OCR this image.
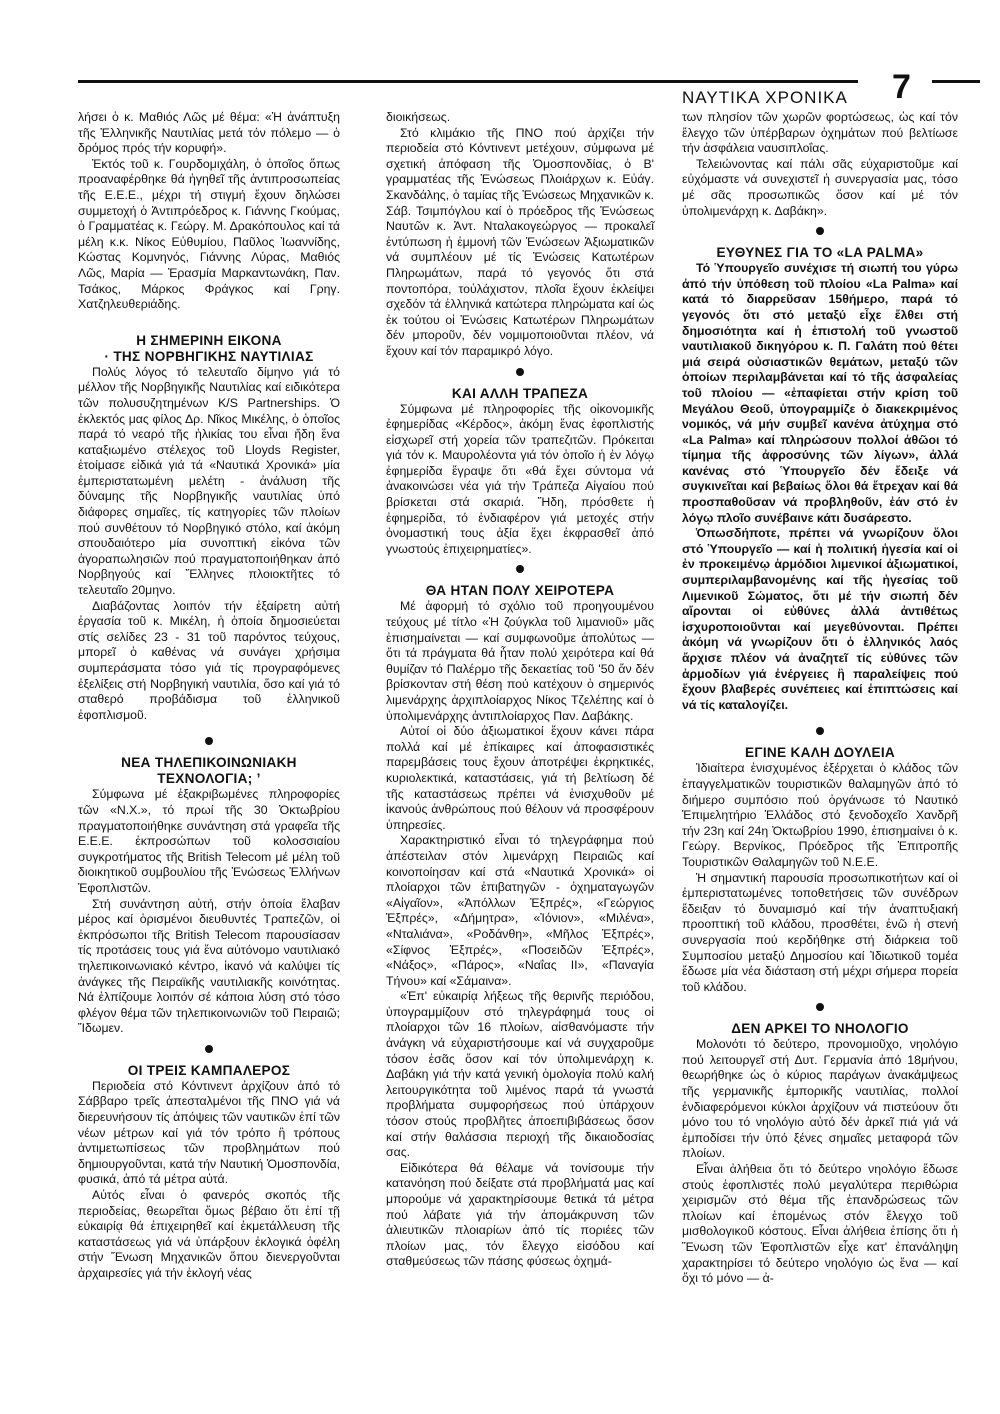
ΝΑΥΤΙΚΑ ΧΡΟΝΙΚΑ 7

λήσει ὁ κ. Μαθιός Λῶς μέ θέμα: «Ἡ ἀνάπτυξη τῆς Ἑλληνικῆς Ναυτιλίας μετά τόν πόλεμο — ὁ δρόμος πρός τήν κορυφή».

Ἐκτός τοῦ κ. Γουρδομιχάλη, ὁ ὁποῖος ὅπως προαναφέρθηκε θά ἡγηθεῖ τῆς ἀντιπροσωπείας τῆς Ε.Ε.Ε., μέχρι τή στιγμή ἔχουν δηλώσει συμμετοχή ὁ Ἀντιπρόεδρος κ. Γιάννης Γκούμας, ὁ Γραμματέας κ. Γεώργ. Μ. Δρακόπουλος καί τά μέλη κ.κ. Νίκος Εὐθυμίου, Παῦλος Ἰωαννίδης, Κώστας Κομνηνός, Γιάννης Λύρας, Μαθιός Λῶς, Μαρία — Ἐρασμία Μαρκαντωνάκη, Παν. Τσάκος, Μάρκος Φράγκος καί Γρηγ. Χατζηλευθεριάδης.

Η ΣΗΜΕΡΙΝΗ ΕΙΚΟΝΑ
· ΤΗΣ ΝΟΡΒΗΓΙΚΗΣ ΝΑΥΤΙΛΙΑΣ

Πολύς λόγος τό τελευταῖο δίμηνο γιά τό μέλλον τῆς Νορβηγικῆς Ναυτιλίας καί ειδικότερα τῶν πολυσυζητημένων K/S Partnerships. Ὁ ἐκλεκτός μας φίλος Δρ. Νῖκος Μικέλης, ὁ ὁποῖος παρά τό νεαρό τῆς ἡλικίας του εἶναι ἤδη ἕνα καταξιωμένο στέλεχος τοῦ Lloyds Register, ἑτοίμασε εἰδικά γιά τά «Ναυτικά Χρονικά» μία ἐμπεριστατωμένη μελέτη - ἀνάλυση τῆς δύναμης τῆς Νορβηγικῆς ναυτιλίας ὑπό διάφορες σημαῖες, τίς κατηγορίες τῶν πλοίων πού συνθέτουν τό Νορβηγικό στόλο, καί ἀκόμη σπουδαιότερο μία συνοπτική εἰκόνα τῶν ἀγοραπωλησιῶν πού πραγματοποιήθηκαν ἀπό Νορβηγούς καί Ἕλληνες πλοιοκτῆτες τό τελευταῖο 20μηνο.

Διαβάζοντας λοιπόν τήν ἐξαίρετη αὐτή ἐργασία τοῦ κ. Μικέλη, ἡ ὁποία δημοσιεύεται στίς σελίδες 23 - 31 τοῦ παρόντος τεύχους, μπορεῖ ὁ καθένας νά συνάγει χρήσιμα συμπεράσματα τόσο γιά τίς προγραφόμενες ἐξελίξεις στή Νορβηγική ναυτιλία, ὅσο καί γιά τό σταθερό προβάδισμα τοῦ ἑλληνικοῦ ἐφοπλισμοῦ.

ΝΕΑ ΤΗΛΕΠΙΚΟΙΝΩΝΙΑΚΗ
ΤΕΧΝΟΛΟΓΙΑ; ’

Σύμφωνα μέ ἐξακριβωμένες πληροφορίες τῶν «Ν.Χ.», τό πρωί τῆς 30 Ὀκτωβρίου πραγματοποιήθηκε συνάντηση στά γραφεῖα τῆς Ε.Ε.Ε. ἐκπροσώπων τοῦ κολοσσιαίου συγκροτήματος τῆς British Telecom μέ μέλη τοῦ διοικητικοῦ συμβουλίου τῆς Ἑνώσεως Ἑλλήνων Ἐφοπλιστῶν.

Στή συνάντηση αὐτή, στήν ὁποία ἔλαβαν μέρος καί ὁρισμένοι διευθυντές Τραπεζῶν, οἱ ἐκπρόσωποι τῆς British Telecom παρουσίασαν τίς προτάσεις τους γιά ἕνα αὐτόνομο ναυτιλιακό τηλεπικοινωνιακό κέντρο, ἱκανό νά καλύψει τίς ἀνάγκες τῆς Πειραϊκῆς ναυτιλιακῆς κοινότητας. Νά ἐλπίζουμε λοιπόν σέ κάποια λύση στό τόσο φλέγον θέμα τῶν τηλεπικοινωνιῶν τοῦ Πειραιῶ; Ἴδωμεν.

ΟΙ ΤΡΕΙΣ ΚΑΜΠΑΛΕΡΟΣ

Περιοδεία στό Κόντινεντ ἀρχίζουν ἀπό τό Σάββαρο τρεῖς ἀπεσταλμένοι τῆς ΠΝΟ γιά νά διερευνήσουν τίς ἀπόψεις τῶν ναυτικῶν ἐπί τῶν νέων μέτρων καί γιά τόν τρόπο ἢ τρόπους ἀντιμετωπίσεως τῶν προβλημάτων πού δημιουργοῦνται, κατά τήν Ναυτική Ὁμοσπονδία, φυσικά, ἀπό τά μέτρα αὐτά.

Αὐτός εἶναι ὁ φανερός σκοπός τῆς περιοδείας, θεωρεῖται ὅμως βέβαιο ὅτι ἐπί τῇ εὐκαιρίᾳ θά ἐπιχειρηθεῖ καί ἐκμετάλλευση τῆς καταστάσεως γιά νά ὑπάρξουν ἐκλογικά ὀφέλη στήν Ἕνωση Μηχανικῶν ὅπου διενεργοῦνται ἀρχαιρεσίες γιά τήν ἐκλογή νέας

διοικήσεως.

Στό κλιμάκιο τῆς ΠΝΟ πού ἀρχίζει τήν περιοδεία στό Κόντινεντ μετέχουν, σύμφωνα μέ σχετική ἀπόφαση τῆς Ὁμοσπονδίας, ὁ Β' γραμματέας τῆς Ἑνώσεως Πλοιάρχων κ. Εὐάγ. Σκανδάλης, ὁ ταμίας τῆς Ἑνώσεως Μηχανικῶν κ. Σάβ. Τσιμπόγλου καί ὁ πρόεδρος τῆς Ἑνώσεως Ναυτῶν κ. Ἀντ. Νταλακογεώργος — προκαλεῖ ἐντύπωση ἡ ἐμμονή τῶν Ἑνώσεων Ἀξιωματικῶν νά συμπλέουν μέ τίς Ἑνώσεις Κατωτέρων Πληρωμάτων, παρά τό γεγονός ὅτι στά ποντοπόρα, τοὐλάχιστον, πλοῖα ἔχουν ἐκλείψει σχεδόν τά ἑλληνικά κατώτερα πληρώματα καί ὡς ἐκ τούτου οἱ Ἑνώσεις Κατωτέρων Πληρωμάτων δέν μποροῦν, δέν νομιμοποιοῦνται πλέον, νά ἔχουν καί τόν παραμικρό λόγο.

ΚΑΙ ΑΛΛΗ ΤΡΑΠΕΖΑ

Σύμφωνα μέ πληροφορίες τῆς οἰκονομικῆς ἐφημερίδας «Κέρδος», ἀκόμη ἕνας ἐφοπλιστής εἰσχωρεῖ στή χορεία τῶν τραπεζιτῶν. Πρόκειται γιά τόν κ. Μαυρολέοντα γιά τόν ὁποῖο ἡ ἐν λόγῳ ἐφημερίδα ἔγραψε ὅτι «θά ἔχει σύντομα νά ἀνακοινώσει νέα γιά τήν Τράπεζα Αἰγαίου πού βρίσκεται στά σκαριά. Ἤδη, πρόσθετε ἡ ἐφημερίδα, τό ἐνδιαφέρον γιά μετοχές στήν ὀνομαστική τους ἀξία ἔχει ἐκφρασθεῖ ἀπό γνωστούς ἐπιχειρηματίες».

ΘΑ ΗΤΑΝ ΠΟΛΥ ΧΕΙΡΟΤΕΡΑ

Μέ ἀφορμή τό σχόλιο τοῦ προηγουμένου τεύχους μέ τίτλο «Ἡ ζούγκλα τοῦ λιμανιοῦ» μᾶς ἐπισημαίνεται — καί συμφωνοῦμε ἀπολύτως — ὅτι τά πράγματα θά ἦταν πολύ χειρότερα καί θά θυμίζαν τό Παλέρμο τῆς δεκαετίας τοῦ '50 ἄν δέν βρίσκονταν στή θέση πού κατέχουν ὁ σημερινός λιμενάρχης ἀρχιπλοίαρχος Νίκος Τζελέπης καί ὁ ὑπολιμενάρχης ἀντιπλοίαρχος Παν. Δαβάκης.

Αὐτοί οἱ δύο ἀξιωματικοί ἔχουν κάνει πάρα πολλά καί μέ ἐπίκαιρες καί ἀποφασιστικές παρεμβάσεις τους ἔχουν ἀποτρέψει ἐκρηκτικές, κυριολεκτικά, καταστάσεις, γιά τή βελτίωση δέ τῆς καταστάσεως πρέπει νά ἐνισχυθοῦν μέ ἱκανούς ἀνθρώπους πού θέλουν νά προσφέρουν ὑπηρεσίες.

Χαρακτηριστικό εἶναι τό τηλεγράφημα πού ἀπέστειλαν στόν λιμενάρχη Πειραιῶς καί κοινοποίησαν καί στά «Ναυτικά Χρονικά» οἱ πλοίαρχοι τῶν ἐπιβατηγῶν - ὀχηματαγωγῶν «Αἰγαῖον», «Ἀπόλλων Ἐξπρές», «Γεώργιος Ἐξπρές», «Δήμητρα», «Ἰόνιον», «Μιλένα», «Νταλιάνα», «Ροδάνθη», «Μῆλος Ἐξπρές», «Σίφνος Ἐξπρές», «Ποσειδῶν Ἐξπρές», «Νάξος», «Πάρος», «Ναΐας ΙΙ», «Παναγία Τήνου» καί «Σάμαινα».

«Ἐπ' εὐκαιρίᾳ λήξεως τῆς θερινῆς περιόδου, ὑπογραμμίζουν στό τηλεγράφημά τους οἱ πλοίαρχοι τῶν 16 πλοίων, αἰσθανόμαστε τήν ἀνάγκη νά εὐχαριστήσουμε καί νά συγχαροῦμε τόσον ἐσᾶς ὅσον καί τόν ὑπολιμενάρχη κ. Δαβάκη γιά τήν κατά γενική ὁμολογία πολύ καλή λειτουργικότητα τοῦ λιμένος παρά τά γνωστά προβλήματα συμφορήσεως πού ὑπάρχουν τόσον στούς προβλῆτες ἀποεπιβιβάσεως ὅσον καί στήν θαλάσσια περιοχή τῆς δικαιοδοσίας σας.

Εἰδικότερα θά θέλαμε νά τονίσουμε τήν κατανόηση πού δείξατε στά προβλήματά μας καί μπορούμε νά χαρακτηρίσουμε θετικά τά μέτρα πού λάβατε γιά τήν ἀπομάκρυνση τῶν ἀλιευτικῶν πλοιαρίων ἀπό τίς ποριέες τῶν πλοίων μας, τόν ἔλεγχο εἰσόδου καί σταθμεύσεως τῶν πάσης φύσεως ὀχημά-

των πλησίον τῶν χωρῶν φορτώσεως, ὡς καί τόν ἔλεγχο τῶν ὑπέρβαρων ὀχημάτων πού βελτίωσε τήν ἀσφάλεια ναυσιπλοΐας.

Τελειώνοντας καί πάλι σᾶς εὐχαριστοῦμε καί εὐχόμαστε νά συνεχιστεῖ ἡ συνεργασία μας, τόσο μέ σᾶς προσωπικῶς ὅσον καί μέ τόν ὑπολιμενάρχη κ. Δαβάκη».

ΕΥΘΥΝΕΣ ΓΙΑ ΤΟ «LA PALMA»

Τό Ὑπουργεῖο συνέχισε τή σιωπή του γύρω ἀπό τήν ὑπόθεση τοῦ πλοίου «La Palma» καί κατά τό διαρρεῦσαν 15θήμερο, παρά τό γεγονός ὅτι στό μεταξύ εἶχε ἔλθει στή δημοσιότητα καί ἡ ἐπιστολή τοῦ γνωστοῦ ναυτιλιακοῦ δικηγόρου κ. Π. Γαλάτη πού θέτει μιά σειρά οὐσιαστικῶν θεμάτων, μεταξύ τῶν ὁποίων περιλαμβάνεται καί τό τῆς ἀσφαλείας τοῦ πλοίου — «ἐπαφίεται στήν κρίση τοῦ Μεγάλου Θεοῦ, ὑπογραμμίζε ὁ διακεκριμένος νομικός, νά μήν συμβεῖ κανένα ἀτύχημα στό «La Palma» καί πληρώσουν πολλοί ἀθῶοι τό τίμημα τῆς ἀφροσύνης τῶν λίγων», ἀλλά κανένας στό Ὑπουργεῖο δέν ἔδειξε νά συγκινεῖται καί βεβαίως ὅλοι θά ἔτρεχαν καί θά προσπαθοῦσαν νά προβληθοῦν, ἐάν στό ἐν λόγῳ πλοῖο συνέβαινε κάτι δυσάρεστο.

Ὁπωσδήποτε, πρέπει νά γνωρίζουν ὅλοι στό Ὑπουργεῖο — καί ἡ πολιτική ἡγεσία καί οἱ ἐν προκειμένῳ ἁρμόδιοι λιμενικοί ἀξιωματικοί, συμπεριλαμβανομένης καί τῆς ἡγεσίας τοῦ Λιμενικοῦ Σώματος, ὅτι μέ τήν σιωπή δέν αἴρονται οἱ εὐθύνες ἀλλά ἀντιθέτως ἰσχυροποιοῦνται καί μεγεθύνονται. Πρέπει ἀκόμη νά γνωρίζουν ὅτι ὁ ἑλληνικός λαός ἄρχισε πλέον νά ἀναζητεῖ τίς εὐθύνες τῶν ἁρμοδίων γιά ἐνέργειες ἢ παραλείψεις πού ἔχουν βλαβερές συνέπειες καί ἐπιπτώσεις καί νά τίς καταλογίζει.

ΕΓΙΝΕ ΚΑΛΗ ΔΟΥΛΕΙΑ

Ἰδιαίτερα ἐνισχυμένος ἐξέρχεται ὁ κλάδος τῶν ἐπαγγελματικῶν τουριστικῶν θαλαμηγῶν ἀπό τό διήμερο συμπόσιο πού ὀργάνωσε τό Ναυτικό Ἐπιμελητήριο Ἑλλάδος στό ξενοδοχεῖο Χανδρῆ τήν 23η καί 24η Ὀκτωβρίου 1990, ἐπισημαίνει ὁ κ. Γεώργ. Βερνίκος, Πρόεδρος τῆς Ἐπιτροπῆς Τουριστικῶν Θαλαμηγῶν τοῦ Ν.Ε.Ε.

Ἡ σημαντική παρουσία προσωπικοτήτων καί οἱ ἐμπεριστατωμένες τοποθετήσεις τῶν συνέδρων ἔδειξαν τό δυναμισμό καί τήν ἀναπτυξιακή προοπτική τοῦ κλάδου, προσθέτει, ἐνῶ ἡ στενή συνεργασία πού κερδήθηκε στή διάρκεια τοῦ Συμποσίου μεταξύ Δημοσίου καί Ἰδιωτικοῦ τομέα ἔδωσε μία νέα διάσταση στή μέχρι σήμερα πορεία τοῦ κλάδου.

ΔΕΝ ΑΡΚΕΙ ΤΟ ΝΗΟΛΟΓΙΟ

Μολονότι τό δεύτερο, προνομιοῦχο, νηολόγιο πού λειτουργεῖ στή Δυτ. Γερμανία ἀπό 18μήνου, θεωρήθηκε ὡς ὁ κύριος παράγων ἀνακάμψεως τῆς γερμανικῆς ἐμπορικῆς ναυτιλίας, πολλοί ἐνδιαφερόμενοι κύκλοι ἀρχίζουν νά πιστεύουν ὅτι μόνο του τό νηολόγιο αὐτό δέν ἀρκεῖ πιά γιά νά ἐμποδίσει τήν ὑπό ξένες σημαῖες μεταφορά τῶν πλοίων.

Εἶναι ἀλήθεια ὅτι τό δεύτερο νηολόγιο ἔδωσε στούς ἐφοπλιστές πολύ μεγαλύτερα περιθώρια χειρισμῶν στό θέμα τῆς ἐπανδρώσεως τῶν πλοίων καί ἑπομένως στόν ἔλεγχο τοῦ μισθολογικοῦ κόστους. Εἶναι ἀλήθεια ἐπίσης ὅτι ἡ Ἕνωση τῶν Ἐφοπλιστῶν εἶχε κατ' ἐπανάληψη χαρακτηρίσει τό δεύτερο νηολόγιο ὡς ἕνα — καί ὄχι τό μόνο — ἀ-
